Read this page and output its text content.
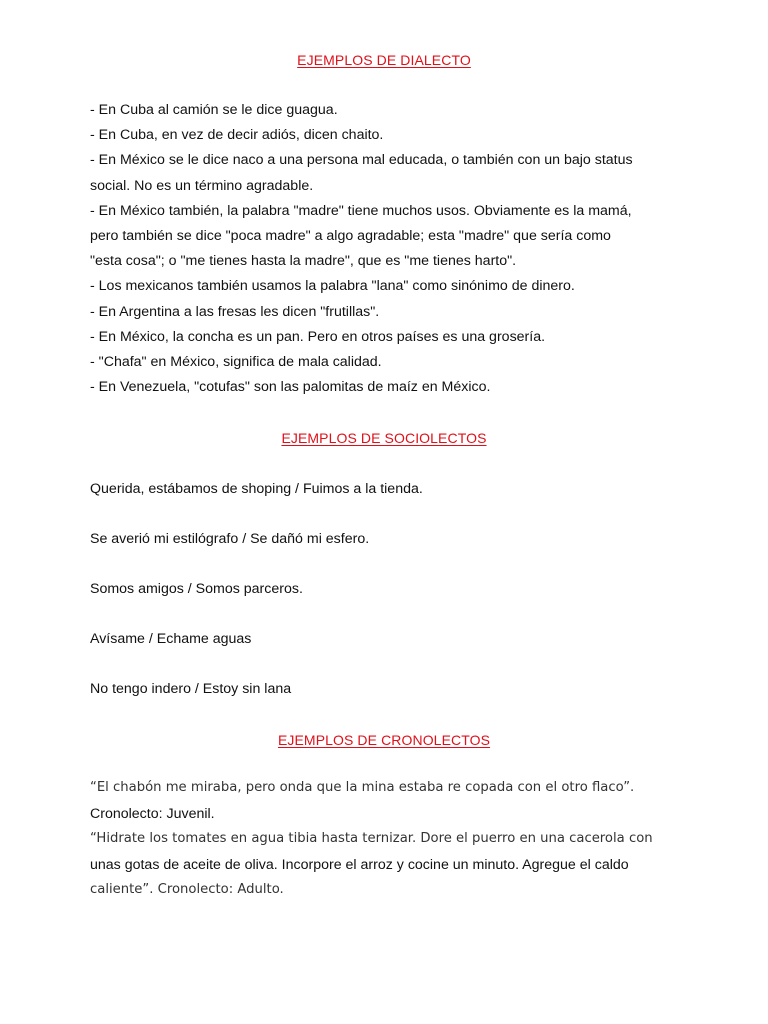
EJEMPLOS DE DIALECTO
- En Cuba al camión se le dice guagua.
- En Cuba, en vez de decir adiós, dicen chaito.
- En México se le dice naco a una persona mal educada, o también con un bajo status
social. No es un término agradable.
- En México también, la palabra "madre" tiene muchos usos. Obviamente es la mamá,
pero también se dice "poca madre" a algo agradable; esta "madre" que sería como
"esta cosa"; o "me tienes hasta la madre", que es "me tienes harto".
- Los mexicanos también usamos la palabra "lana" como sinónimo de dinero.
- En Argentina a las fresas les dicen "frutillas".
- En México, la concha es un pan. Pero en otros países es una grosería.
- "Chafa" en México, significa de mala calidad.
- En Venezuela, "cotufas" son las palomitas de maíz en México.
EJEMPLOS DE SOCIOLECTOS
Querida, estábamos de shoping / Fuimos a la tienda.
Se averió mi estilógrafo / Se dañó mi esfero.
Somos amigos / Somos parceros.
Avísame / Echame aguas
No tengo indero / Estoy sin lana
EJEMPLOS DE CRONOLECTOS
“El chabón me miraba, pero onda que la mina estaba re copada con el otro flaco”.
Cronolecto: Juvenil.
“Hidrate los tomates en agua tibia hasta ternizar. Dore el puerro en una cacerola con
unas gotas de aceite de oliva. Incorpore el arroz y cocine un minuto. Agregue el caldo
caliente”. Cronolecto: Adulto.
